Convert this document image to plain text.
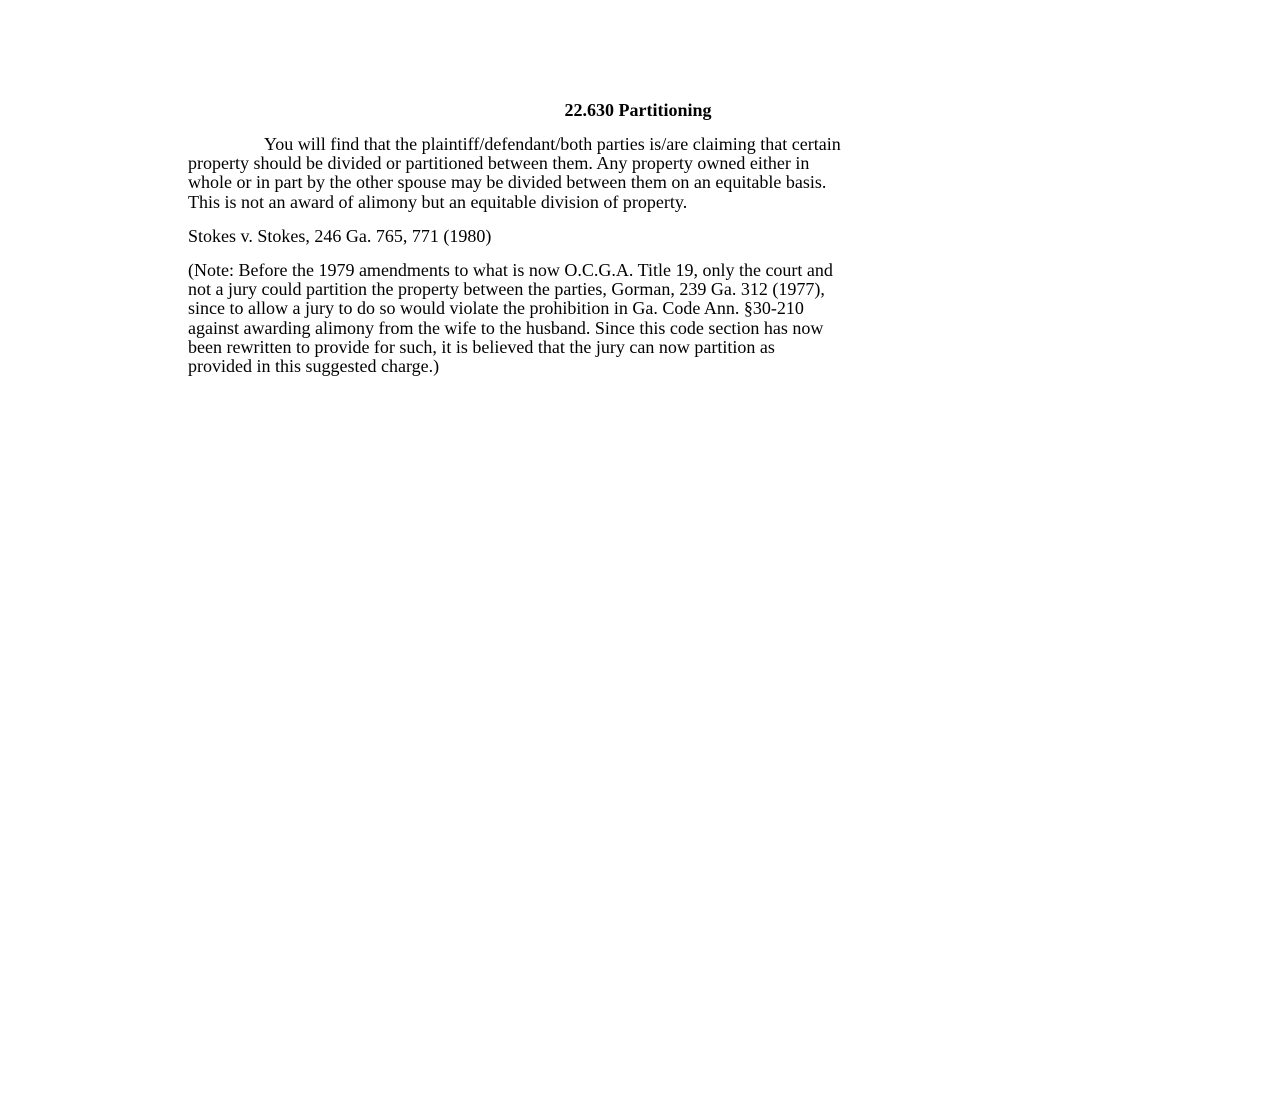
22.630 Partitioning
You will find that the plaintiff/defendant/both parties is/are claiming that certain
property should be divided or partitioned between them. Any property owned either in
whole or in part by the other spouse may be divided between them on an equitable basis.
This is not an award of alimony but an equitable division of property.
Stokes v. Stokes, 246 Ga. 765, 771 (1980)
(Note: Before the 1979 amendments to what is now O.C.G.A. Title 19, only the court and
not a jury could partition the property between the parties, Gorman, 239 Ga. 312 (1977),
since to allow a jury to do so would violate the prohibition in Ga. Code Ann. §30-210
against awarding alimony from the wife to the husband. Since this code section has now
been rewritten to provide for such, it is believed that the jury can now partition as
provided in this suggested charge.)
